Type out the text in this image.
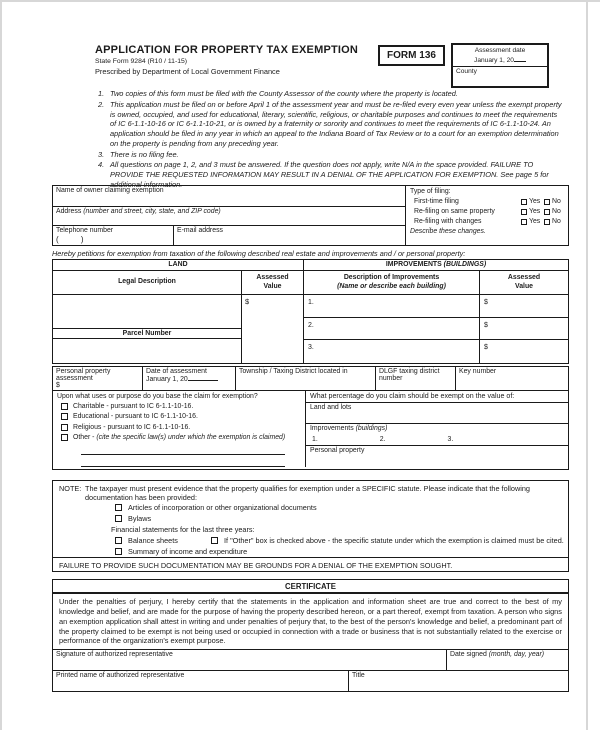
APPLICATION FOR PROPERTY TAX EXEMPTION
State Form 9284 (R10 / 11-15)
Prescribed by Department of Local Government Finance
FORM 136	Assessment date
January 1, 20
County
1. Two copies of this form must be filed with the County Assessor of the county where the property is located.
2. This application must be filed on or before April 1 of the assessment year and must be re-filed every even year unless the exempt property is owned, occupied, and used for educational, literary, scientific, religious, or charitable purposes and continues to meet the requirements of IC 6-1.1-10-16 or IC 6-1.1-10-21, or is owned by a fraternity or sorority and continues to meet the requirements of IC 6-1.1-10-24. An application should be filed in any year in which an appeal to the Indiana Board of Tax Review or to a court for an exemption determination on the property is pending from any preceding year.
3. There is no filing fee.
4. All questions on page 1, 2, and 3 must be answered. If the question does not apply, write N/A in the space provided. FAILURE TO PROVIDE THE REQUESTED INFORMATION MAY RESULT IN A DENIAL OF THE APPLICATION FOR EXEMPTION. See page 5 for additional information.
Name of owner claiming exemption
Address (number and street, city, state, and ZIP code)
Telephone number
(          )
E-mail address
Type of filing:
First-time filing	Yes	No
Re-filing on same property	Yes	No
Re-filing with changes	Yes	No
Describe these changes.
Hereby petitions for exemption from taxation of the following described real estate and improvements and / or personal property:
LAND	IMPROVEMENTS (BUILDINGS)
Legal Description
Assessed
Value
Description of Improvements
(Name or describe each building)
Assessed
Value
Parcel Number
$	1.	$
2.	$
3.	$
Personal property assessment
$
Date of assessment
January 1, 20
Township / Taxing District located in	DLGF taxing district number
Key number
Upon what uses or purpose do you base the claim for exemption?
Charitable - pursuant to IC 6-1.1-10-16.
Educational - pursuant to IC 6-1.1-10-16.
Religious - pursuant to IC 6-1.1-10-16.
Other - (cite the specific law(s) under which the exemption is claimed)
What percentage do you claim should be exempt on the value of:
Land and lots
Improvements (buildings)
1.	2.	3.
Personal property
NOTE: The taxpayer must present evidence that the property qualifies for exemption under a SPECIFIC statute. Please indicate that the following documentation has been provided:
Articles of incorporation or other organizational documents
Bylaws
Financial statements for the last three years:
Balance sheets	If "Other" box is checked above - the specific statute under which the exemption is claimed must be cited.
Summary of income and expenditure
FAILURE TO PROVIDE SUCH DOCUMENTATION MAY BE GROUNDS FOR A DENIAL OF THE EXEMPTION SOUGHT.
CERTIFICATE
Under the penalties of perjury, I hereby certify that the statements in the application and information sheet are true and correct to the best of my knowledge and belief, and are made for the purpose of having the property described hereon, or a part thereof, exempt from taxation. A person who signs an exemption application shall attest in writing and under penalties of perjury that, to the best of the person's knowledge and belief, a predominant part of the property claimed to be exempt is not being used or occupied in connection with a trade or business that is not substantially related to the exercise or performance of the organization's exempt purpose.
Signature of authorized representative	Date signed (month, day, year)
Printed name of authorized representative	Title
